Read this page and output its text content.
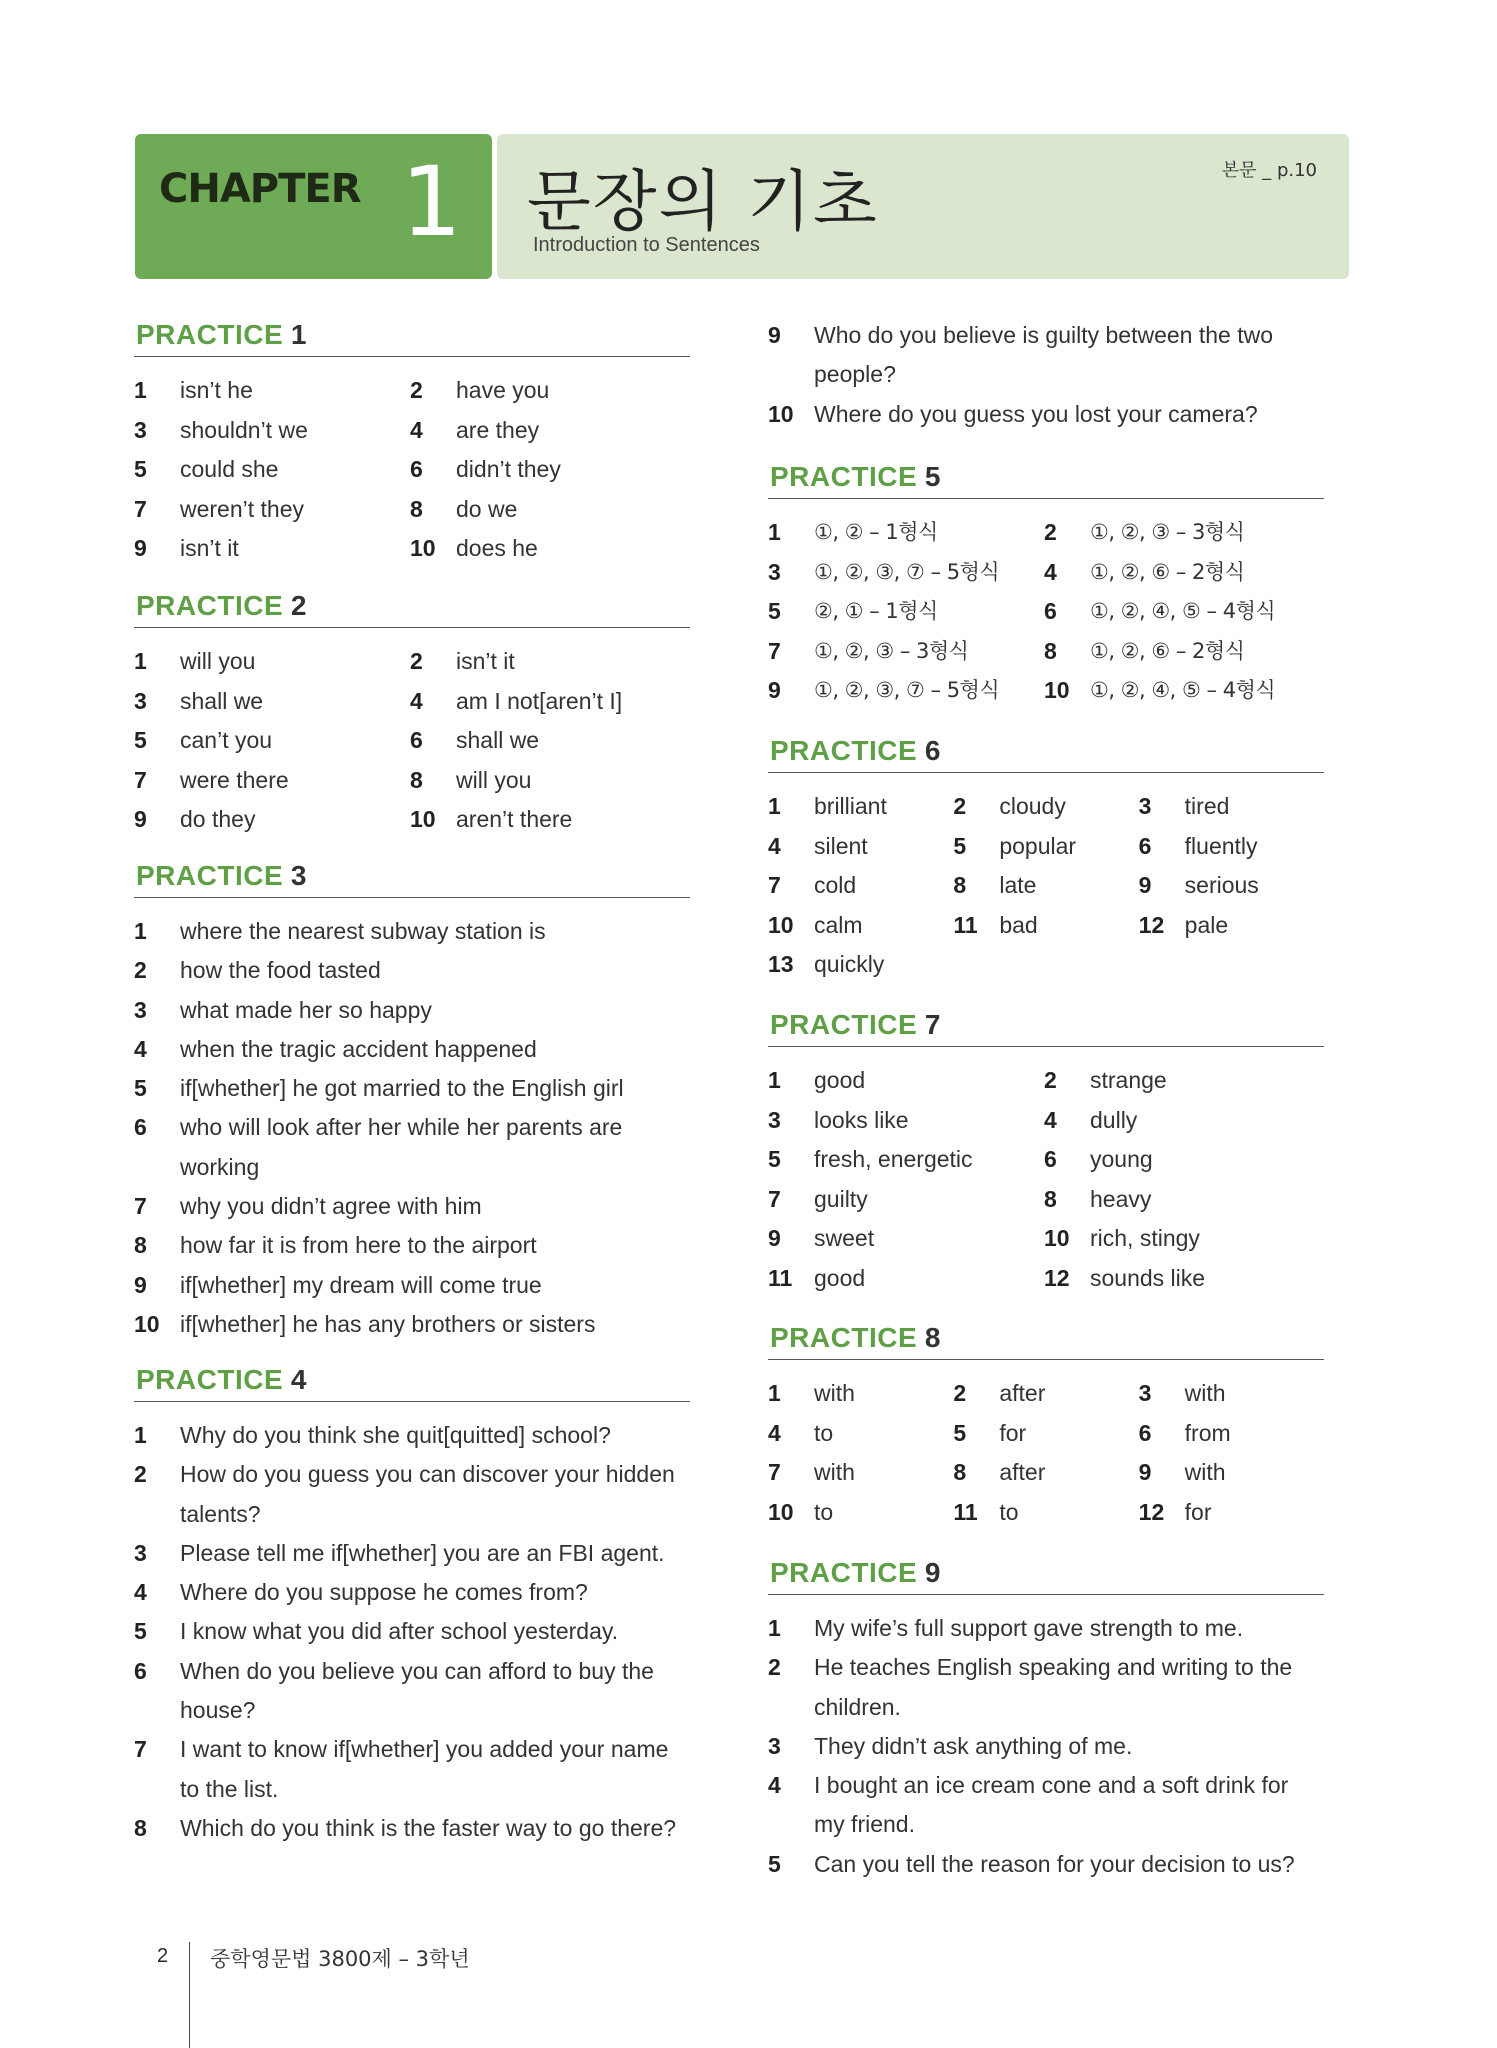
CHAPTER 1 문장의 기초
Introduction to Sentences
본문 _ p.10
PRACTICE 1
1	isn’t he	2	have you
3	shouldn’t we	4	are they
5	could she	6	didn’t they
7	weren’t they	8	do we
9	isn’t it	10 does he
PRACTICE 2
1	will you	2	isn’t it
3	shall we	4	am I not[aren’t I]
5	can’t you	6	shall we
7	were there	8	will you
9	do they	10 aren’t there
PRACTICE 3
1	where the nearest subway station is
2	how the food tasted
3	what made her so happy
4	when the tragic accident happened
5	if[whether] he got married to the English girl
6	who will look after her while her parents are working
7	why you didn’t agree with him
8	how far it is from here to the airport
9	if[whether] my dream will come true
10 if[whether] he has any brothers or sisters
PRACTICE 4
1	Why do you think she quit[quitted] school?
2	How do you guess you can discover your hidden talents?
3	Please tell me if[whether] you are an FBI agent.
4	Where do you suppose he comes from?
5	I know what you did after school yesterday.
6	When do you believe you can afford to buy the house?
7	I want to know if[whether] you added your name to the list.
8	Which do you think is the faster way to go there?
9	Who do you believe is guilty between the two people?
10 Where do you guess you lost your camera?
PRACTICE 5
1	①, ② – 1형식	2	①, ②, ③ – 3형식
3	①, ②, ③, ⑦ – 5형식 4	①, ②, ⑥ – 2형식
5	②, ① – 1형식	6	①, ②, ④, ⑤ – 4형식
7	①, ②, ③ – 3형식	8	①, ②, ⑥ – 2형식
9	①, ②, ③, ⑦ – 5형식 10 ①, ②, ④, ⑤ – 4형식
PRACTICE 6
1	brilliant	2	cloudy	3	tired
4	silent	5	popular	6	fluently
7	cold	8	late	9	serious
10 calm	11 bad	12 pale
13 quickly
PRACTICE 7
1	good	2	strange
3	looks like	4	dully
5	fresh, energetic	6	young
7	guilty	8	heavy
9	sweet	10 rich, stingy
11 good	12 sounds like
PRACTICE 8
1	with	2	after	3	with
4	to	5	for	6	from
7	with	8	after	9	with
10 to	11 to	12 for
PRACTICE 9
1	My wife’s full support gave strength to me.
2	He teaches English speaking and writing to the children.
3	They didn’t ask anything of me.
4	I bought an ice cream cone and a soft drink for my friend.
5	Can you tell the reason for your decision to us?
2 중학영문법 3800제 – 3학년
